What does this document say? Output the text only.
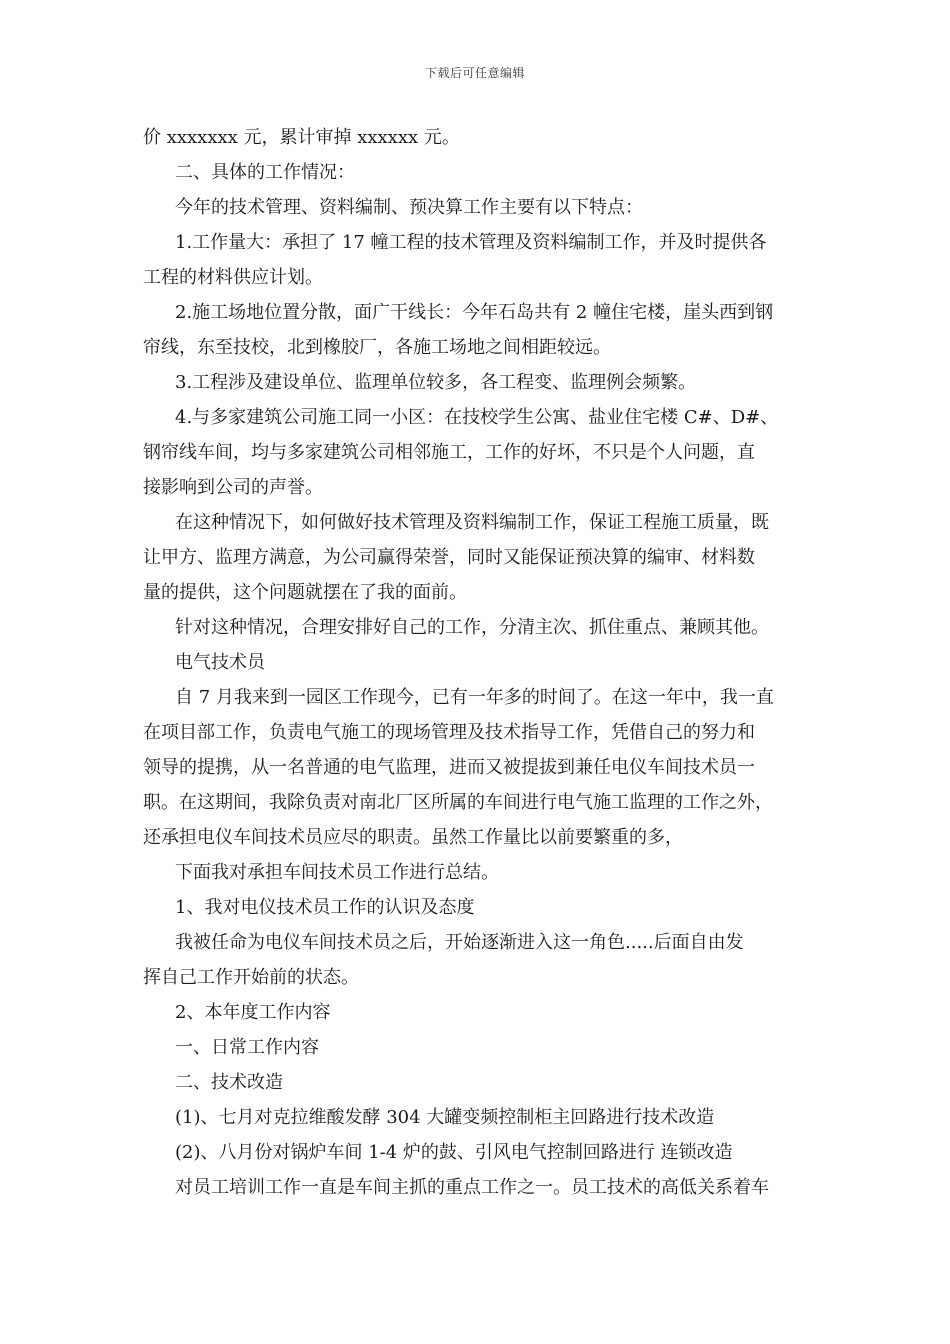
下载后可任意编辑

价 xxxxxxx 元，累计审掉 xxxxxx 元。

二、具体的工作情况：

今年的技术管理、资料编制、预决算工作主要有以下特点：

1.工作量大：承担了 17 幢工程的技术管理及资料编制工作，并及时提供各

工程的材料供应计划。

2.施工场地位置分散，面广干线长：今年石岛共有 2 幢住宅楼，崖头西到钢

帘线，东至技校，北到橡胶厂，各施工场地之间相距较远。

3.工程涉及建设单位、监理单位较多，各工程变、监理例会频繁。

4.与多家建筑公司施工同一小区：在技校学生公寓、盐业住宅楼 C#、D#、

钢帘线车间，均与多家建筑公司相邻施工，工作的好坏，不只是个人问题，直

接影响到公司的声誉。

在这种情况下，如何做好技术管理及资料编制工作，保证工程施工质量，既

让甲方、监理方满意，为公司赢得荣誉，同时又能保证预决算的编审、材料数

量的提供，这个问题就摆在了我的面前。

针对这种情况，合理安排好自己的工作，分清主次、抓住重点、兼顾其他。

电气技术员

自 7 月我来到一园区工作现今，已有一年多的时间了。在这一年中，我一直

在项目部工作，负责电气施工的现场管理及技术指导工作，凭借自己的努力和

领导的提携，从一名普通的电气监理，进而又被提拔到兼任电仪车间技术员一

职。在这期间，我除负责对南北厂区所属的车间进行电气施工监理的工作之外，

还承担电仪车间技术员应尽的职责。虽然工作量比以前要繁重的多，

下面我对承担车间技术员工作进行总结。

1、我对电仪技术员工作的认识及态度

我被任命为电仪车间技术员之后，开始逐渐进入这一角色.....后面自由发

挥自己工作开始前的状态。

2、本年度工作内容

一、日常工作内容

二、技术改造

(1)、七月对克拉维酸发酵 304 大罐变频控制柜主回路进行技术改造

(2)、八月份对锅炉车间 1-4 炉的鼓、引风电气控制回路进行 连锁改造

对员工培训工作一直是车间主抓的重点工作之一。员工技术的高低关系着车
